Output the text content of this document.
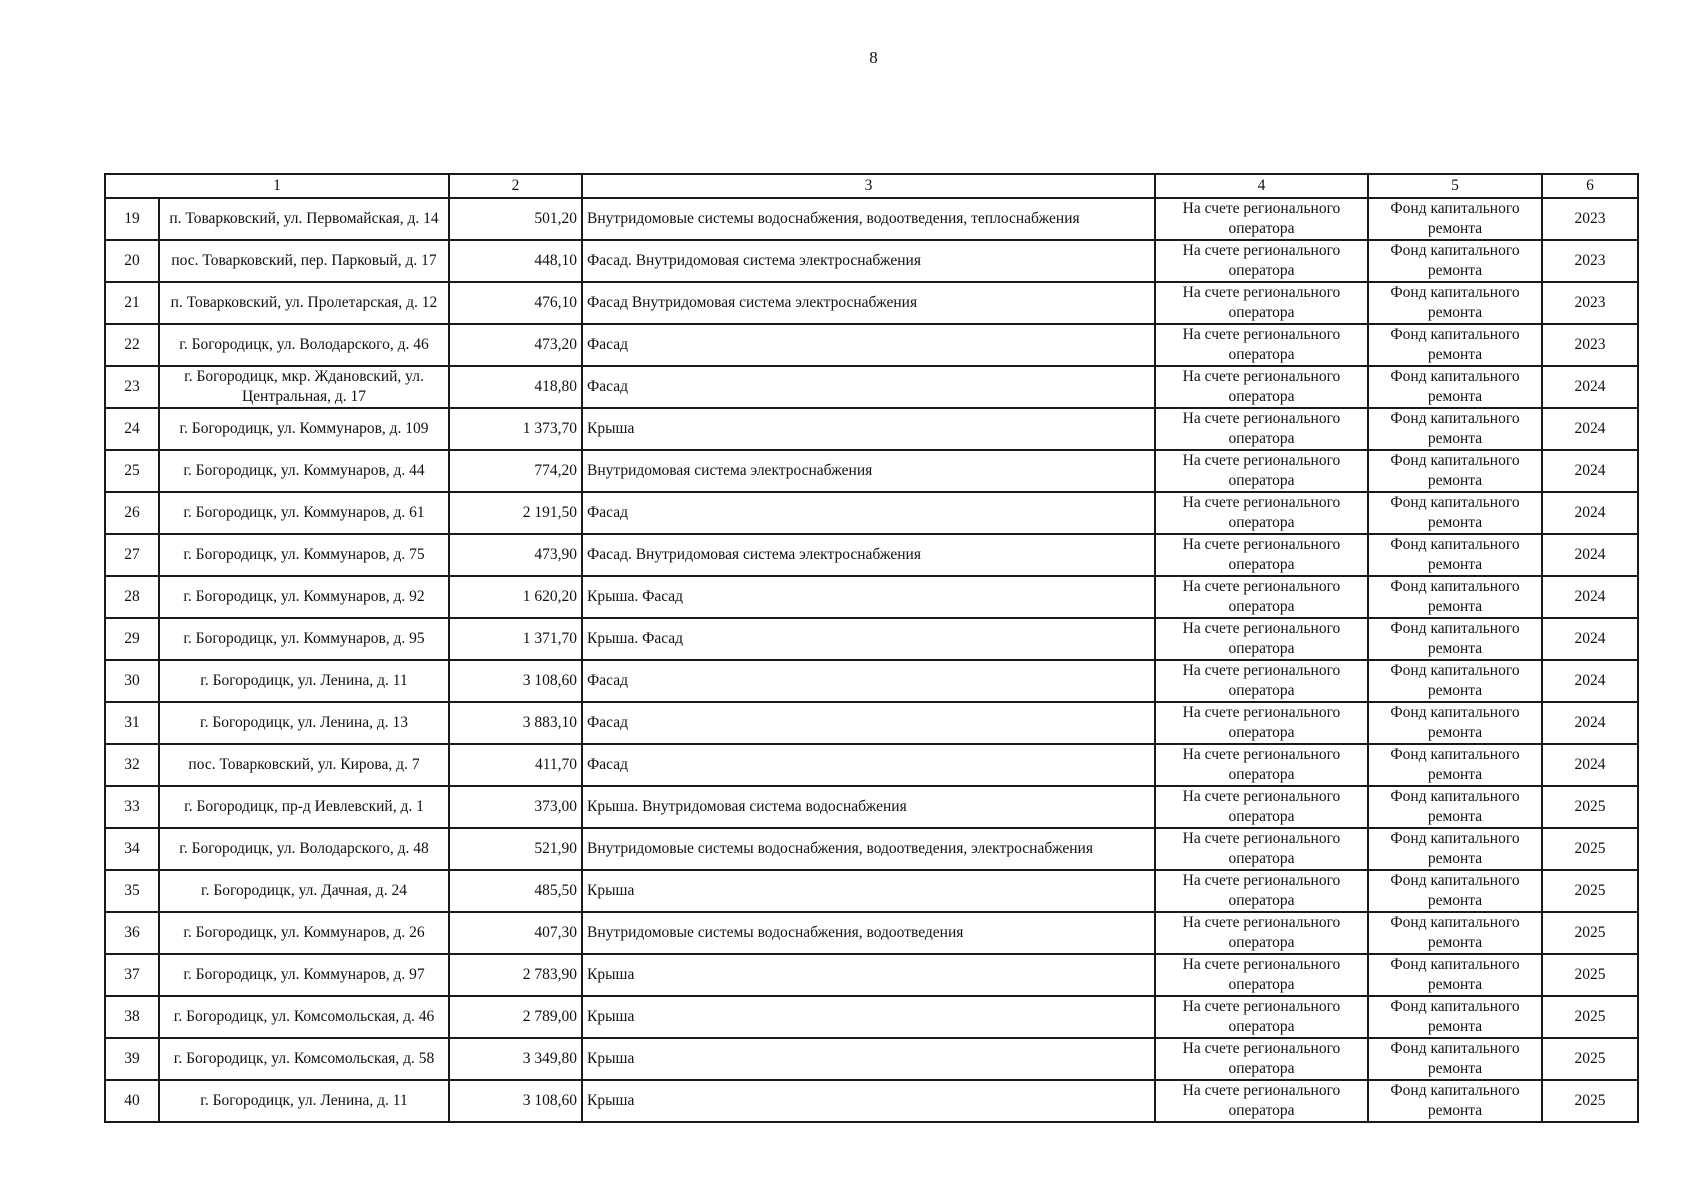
8
1		2	3	4	5	6
19	п. Товарковский, ул. Первомайская, д. 14	501,20	Внутридомовые системы водоснабжения, водоотведения, теплоснабжения	На счете регионального оператора	Фонд капитального ремонта	2023
20	пос. Товарковский, пер. Парковый, д. 17	448,10	Фасад. Внутридомовая система электроснабжения	На счете регионального оператора	Фонд капитального ремонта	2023
21	п. Товарковский, ул. Пролетарская, д. 12	476,10	Фасад Внутридомовая система электроснабжения	На счете регионального оператора	Фонд капитального ремонта	2023
22	г. Богородицк, ул. Володарского, д. 46	473,20	Фасад	На счете регионального оператора	Фонд капитального ремонта	2023
23	г. Богородицк, мкр. Ждановский, ул. Центральная, д. 17	418,80	Фасад	На счете регионального оператора	Фонд капитального ремонта	2024
24	г. Богородицк, ул. Коммунаров, д. 109	1 373,70	Крыша	На счете регионального оператора	Фонд капитального ремонта	2024
25	г. Богородицк, ул. Коммунаров, д. 44	774,20	Внутридомовая система электроснабжения	На счете регионального оператора	Фонд капитального ремонта	2024
26	г. Богородицк, ул. Коммунаров, д. 61	2 191,50	Фасад	На счете регионального оператора	Фонд капитального ремонта	2024
27	г. Богородицк, ул. Коммунаров, д. 75	473,90	Фасад. Внутридомовая система электроснабжения	На счете регионального оператора	Фонд капитального ремонта	2024
28	г. Богородицк, ул. Коммунаров, д. 92	1 620,20	Крыша. Фасад	На счете регионального оператора	Фонд капитального ремонта	2024
29	г. Богородицк, ул. Коммунаров, д. 95	1 371,70	Крыша. Фасад	На счете регионального оператора	Фонд капитального ремонта	2024
30	г. Богородицк, ул. Ленина, д. 11	3 108,60	Фасад	На счете регионального оператора	Фонд капитального ремонта	2024
31	г. Богородицк, ул. Ленина, д. 13	3 883,10	Фасад	На счете регионального оператора	Фонд капитального ремонта	2024
32	пос. Товарковский, ул. Кирова, д. 7	411,70	Фасад	На счете регионального оператора	Фонд капитального ремонта	2024
33	г. Богородицк, пр-д Иевлевский, д. 1	373,00	Крыша. Внутридомовая система водоснабжения	На счете регионального оператора	Фонд капитального ремонта	2025
34	г. Богородицк, ул. Володарского, д. 48	521,90	Внутридомовые системы водоснабжения, водоотведения, электроснабжения	На счете регионального оператора	Фонд капитального ремонта	2025
35	г. Богородицк, ул. Дачная, д. 24	485,50	Крыша	На счете регионального оператора	Фонд капитального ремонта	2025
36	г. Богородицк, ул. Коммунаров, д. 26	407,30	Внутридомовые системы водоснабжения, водоотведения	На счете регионального оператора	Фонд капитального ремонта	2025
37	г. Богородицк, ул. Коммунаров, д. 97	2 783,90	Крыша	На счете регионального оператора	Фонд капитального ремонта	2025
38	г. Богородицк, ул. Комсомольская, д. 46	2 789,00	Крыша	На счете регионального оператора	Фонд капитального ремонта	2025
39	г. Богородицк, ул. Комсомольская, д. 58	3 349,80	Крыша	На счете регионального оператора	Фонд капитального ремонта	2025
40	г. Богородицк, ул. Ленина, д. 11	3 108,60	Крыша	На счете регионального оператора	Фонд капитального ремонта	2025
